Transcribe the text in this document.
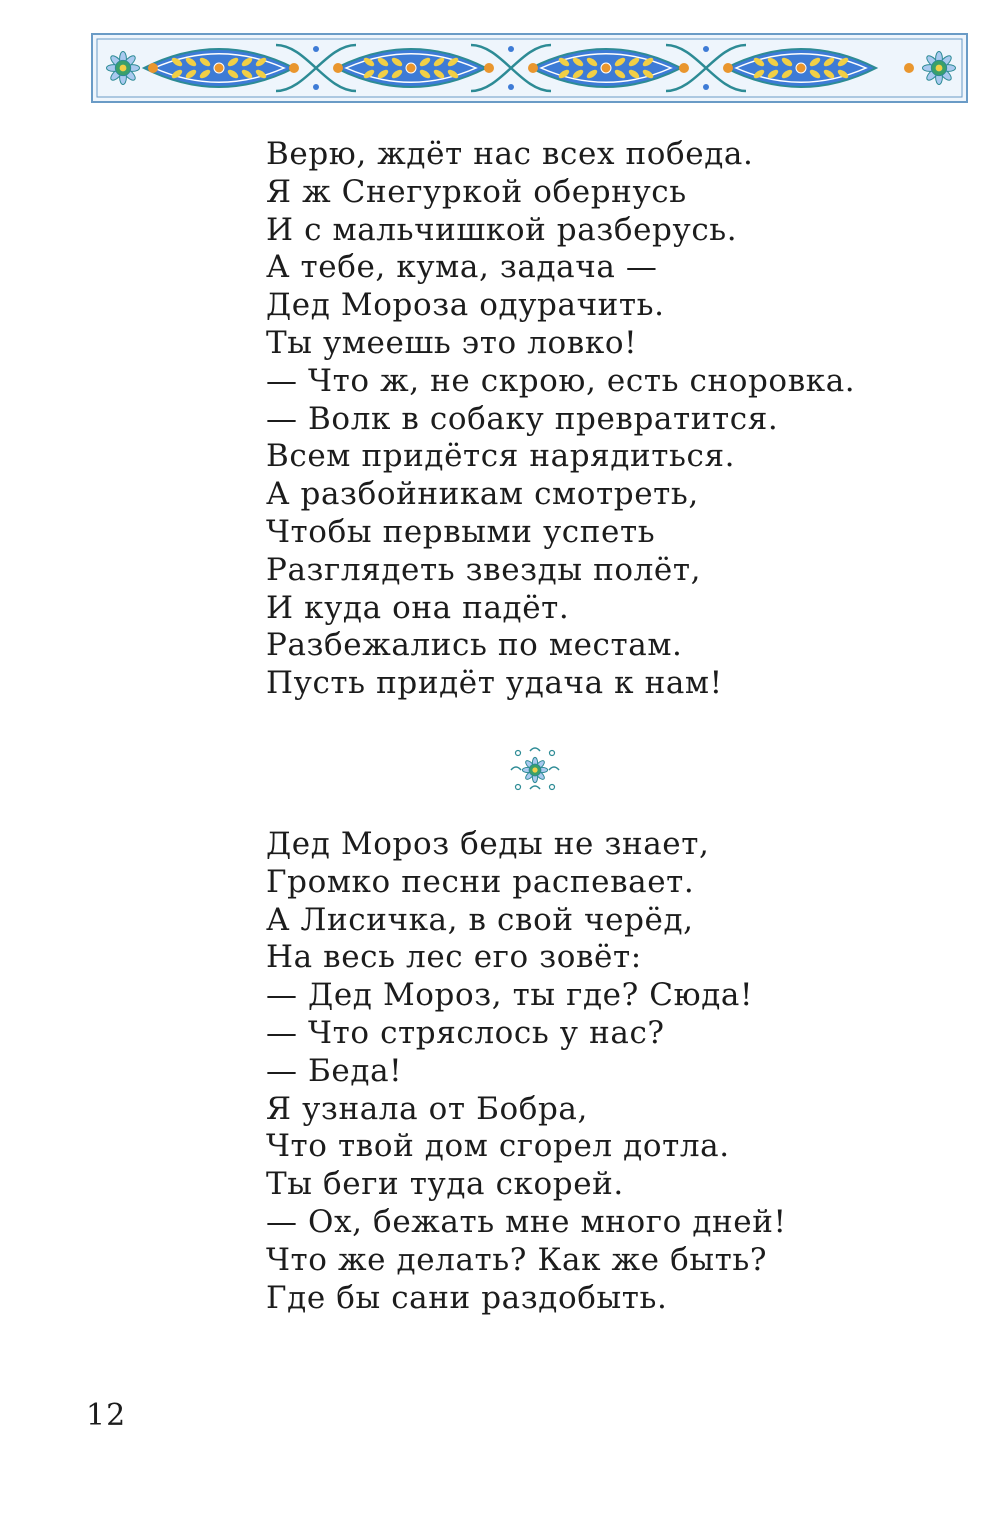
Верю, ждёт нас всех победа.
Я ж Снегуркой обернусь
И с мальчишкой разберусь.
А тебе, кума, задача —
Дед Мороза одурачить.
Ты умеешь это ловко!
— Что ж, не скрою, есть сноровка.
— Волк в собаку превратится.
Всем придётся нарядиться.
А разбойникам смотреть,
Чтобы первыми успеть
Разглядеть звезды полёт,
И куда она падёт.
Разбежались по местам.
Пусть придёт удача к нам!
Дед Мороз беды не знает,
Громко песни распевает.
А Лисичка, в свой черёд,
На весь лес его зовёт:
— Дед Мороз, ты где? Сюда!
— Что стряслось у нас?
— Беда!
Я узнала от Бобра,
Что твой дом сгорел дотла.
Ты беги туда скорей.
— Ох, бежать мне много дней!
Что же делать? Как же быть?
Где бы сани раздобыть.
12
